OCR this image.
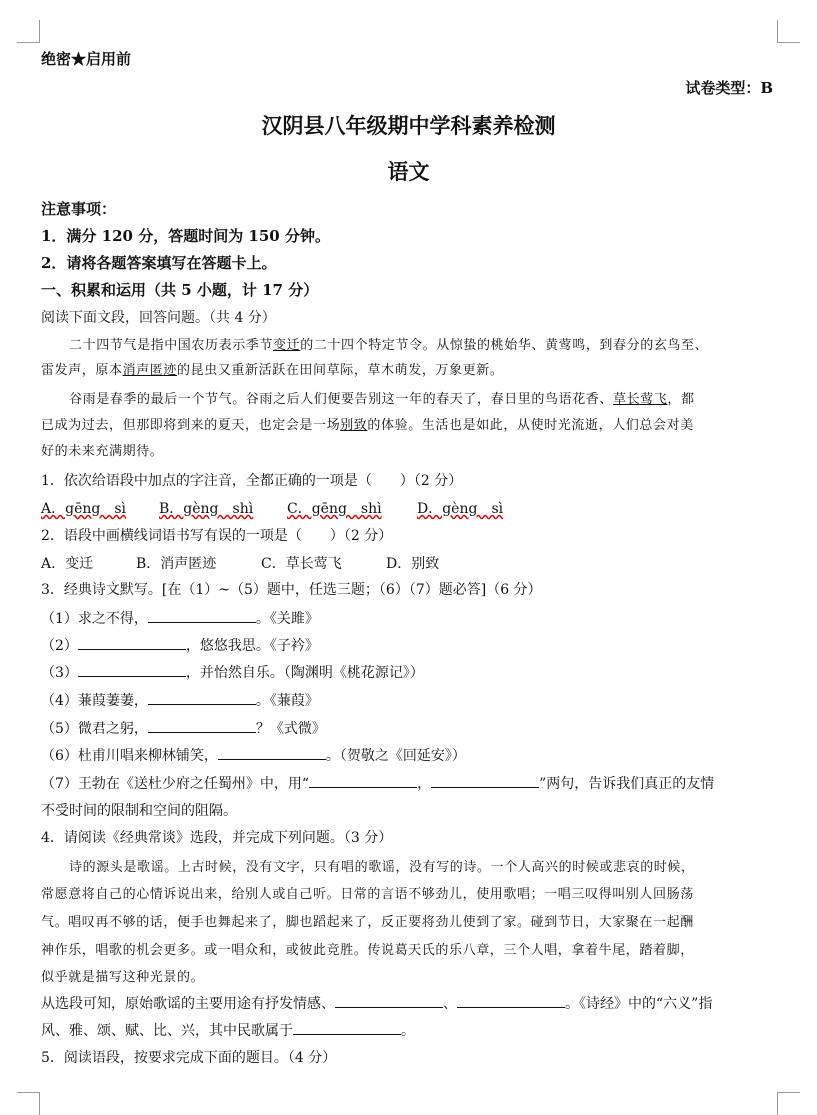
绝密★启用前
试卷类型：B
汉阴县八年级期中学科素养检测
语文
注意事项：
1．满分 120 分，答题时间为 150 分钟。
2．请将各题答案填写在答题卡上。
一、积累和运用（共 5 小题，计 17 分）
阅读下面文段，回答问题。（共 4 分）
二十四节气是指中国农历表示季节变迁的二十四个特定节令。从惊蛰的桃始华、黄莺鸣，到春分的玄鸟至、
雷发声，原本消声匿迹的昆虫又重新活跃在田间草际，草木萌发，万象更新。
谷雨是春季的最后一个节气。谷雨之后人们便要告别这一年的春天了，春日里的鸟语花香、草长莺飞，都
已成为过去，但那即将到来的夏天，也定会是一场别致的体验。生活也是如此，从使时光流逝，人们总会对美
好的未来充满期待。
1．依次给语段中加点的字注音，全都正确的一项是（　　）（2 分）
A．gēng　sì B．gèng　shì C．gēng　shì	D．gèng　sì
2．语段中画横线词语书写有误的一项是（　　）（2 分）
A．变迁	B．消声匿迹	C．草长莺飞	D．别致
3．经典诗文默写。[在（1）~（5）题中，任选三题；（6）（7）题必答]（6 分）
（1）求之不得，	。《关雎》
（2）	，悠悠我思。《子衿》
（3）	，并怡然自乐。（陶渊明《桃花源记》）
（4）蒹葭萋萋，	。《蒹葭》
（5）微君之躬，	？《式微》
（6）杜甫川唱来柳林铺笑，	。（贺敬之《回延安》）
（7）王勃在《送杜少府之任蜀州》中，用“	，	”两句，告诉我们真正的友情
不受时间的限制和空间的阻隔。
4．请阅读《经典常谈》选段，并完成下列问题。（3 分）
诗的源头是歌谣。上古时候，没有文字，只有唱的歌谣，没有写的诗。一个人高兴的时候或悲哀的时候，
常愿意将自己的心情诉说出来，给别人或自己听。日常的言语不够劲儿，使用歌唱；一唱三叹得叫别人回肠荡
气。唱叹再不够的话，便手也舞起来了，脚也蹈起来了，反正要将劲儿使到了家。碰到节日，大家聚在一起酬
神作乐，唱歌的机会更多。或一唱众和，或彼此竞胜。传说葛天氏的乐八章，三个人唱，拿着牛尾，踏着脚，
似乎就是描写这种光景的。
从选段可知，原始歌谣的主要用途有抒发情感、	、	。《诗经》中的“六义”指
风、雅、颂、赋、比、兴，其中民歌属于	。
5．阅读语段，按要求完成下面的题目。（4 分）
